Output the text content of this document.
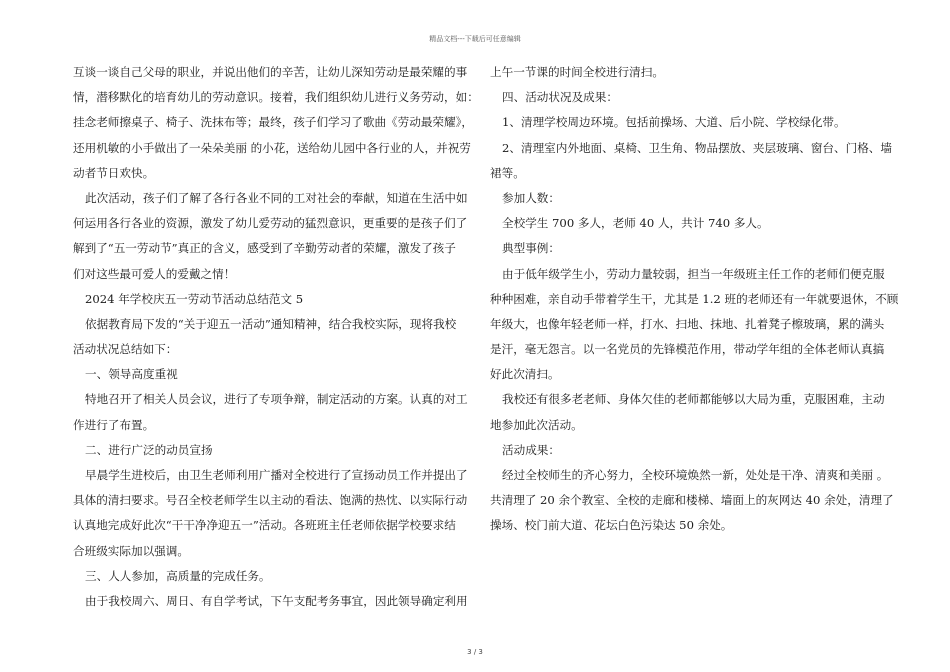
精品文档---下载后可任意编辑
互谈一谈自己父母的职业，并说出他们的辛苦，让幼儿深知劳动是最荣耀的事
情，潜移默化的培育幼儿的劳动意识。接着，我们组织幼儿进行义务劳动，如：
挂念老师擦桌子、椅子、洗抹布等；最终，孩子们学习了歌曲《劳动最荣耀》，
还用机敏的小手做出了一朵朵美丽 的小花，送给幼儿园中各行业的人，并祝劳
动者节日欢快。
此次活动，孩子们了解了各行各业不同的工对社会的奉献，知道在生活中如
何运用各行各业的资源，激发了幼儿爱劳动的猛烈意识，更重要的是孩子们了
解到了“五一劳动节”真正的含义，感受到了辛勤劳动者的荣耀，激发了孩子
们对这些最可爱人的爱戴之情！
2024 年学校庆五一劳动节活动总结范文 5
依据教育局下发的“关于迎五一活动”通知精神，结合我校实际，现将我校
活动状况总结如下：
一、领导高度重视
特地召开了相关人员会议，进行了专项争辩，制定活动的方案。认真的对工
作进行了布置。
二、进行广泛的动员宣扬
早晨学生进校后，由卫生老师利用广播对全校进行了宣扬动员工作并提出了
具体的清扫要求。号召全校老师学生以主动的看法、饱满的热忱、以实际行动
认真地完成好此次“干干净净迎五一”活动。各班班主任老师依据学校要求结
合班级实际加以强调。
三、人人参加，高质量的完成任务。
由于我校周六、周日、有自学考试，下午支配考务事宜，因此领导确定利用
上午一节课的时间全校进行清扫。
四、活动状况及成果：
1、清理学校周边环境。包括前操场、大道、后小院、学校绿化带。
2、清理室内外地面、桌椅、卫生角、物品摆放、夹层玻璃、窗台、门格、墙
裙等。
参加人数：
全校学生 700 多人，老师 40 人，共计 740 多人。
典型事例：
由于低年级学生小，劳动力量较弱，担当一年级班主任工作的老师们便克服
种种困难，亲自动手带着学生干，尤其是 1.2 班的老师还有一年就要退休，不顾
年级大，也像年轻老师一样，打水、扫地、抹地、扎着凳子檫玻璃，累的满头
是汗，毫无怨言。以一名党员的先锋模范作用，带动学年组的全体老师认真搞
好此次清扫。
我校还有很多老老师、身体欠佳的老师都能够以大局为重，克服困难，主动
地参加此次活动。
活动成果：
经过全校师生的齐心努力，全校环境焕然一新，处处是干净、清爽和美丽 。
共清理了 20 余个教室、全校的走廊和楼梯、墙面上的灰网达 40 余处，清理了
操场、校门前大道、花坛白色污染达 50 余处。
3 / 3
